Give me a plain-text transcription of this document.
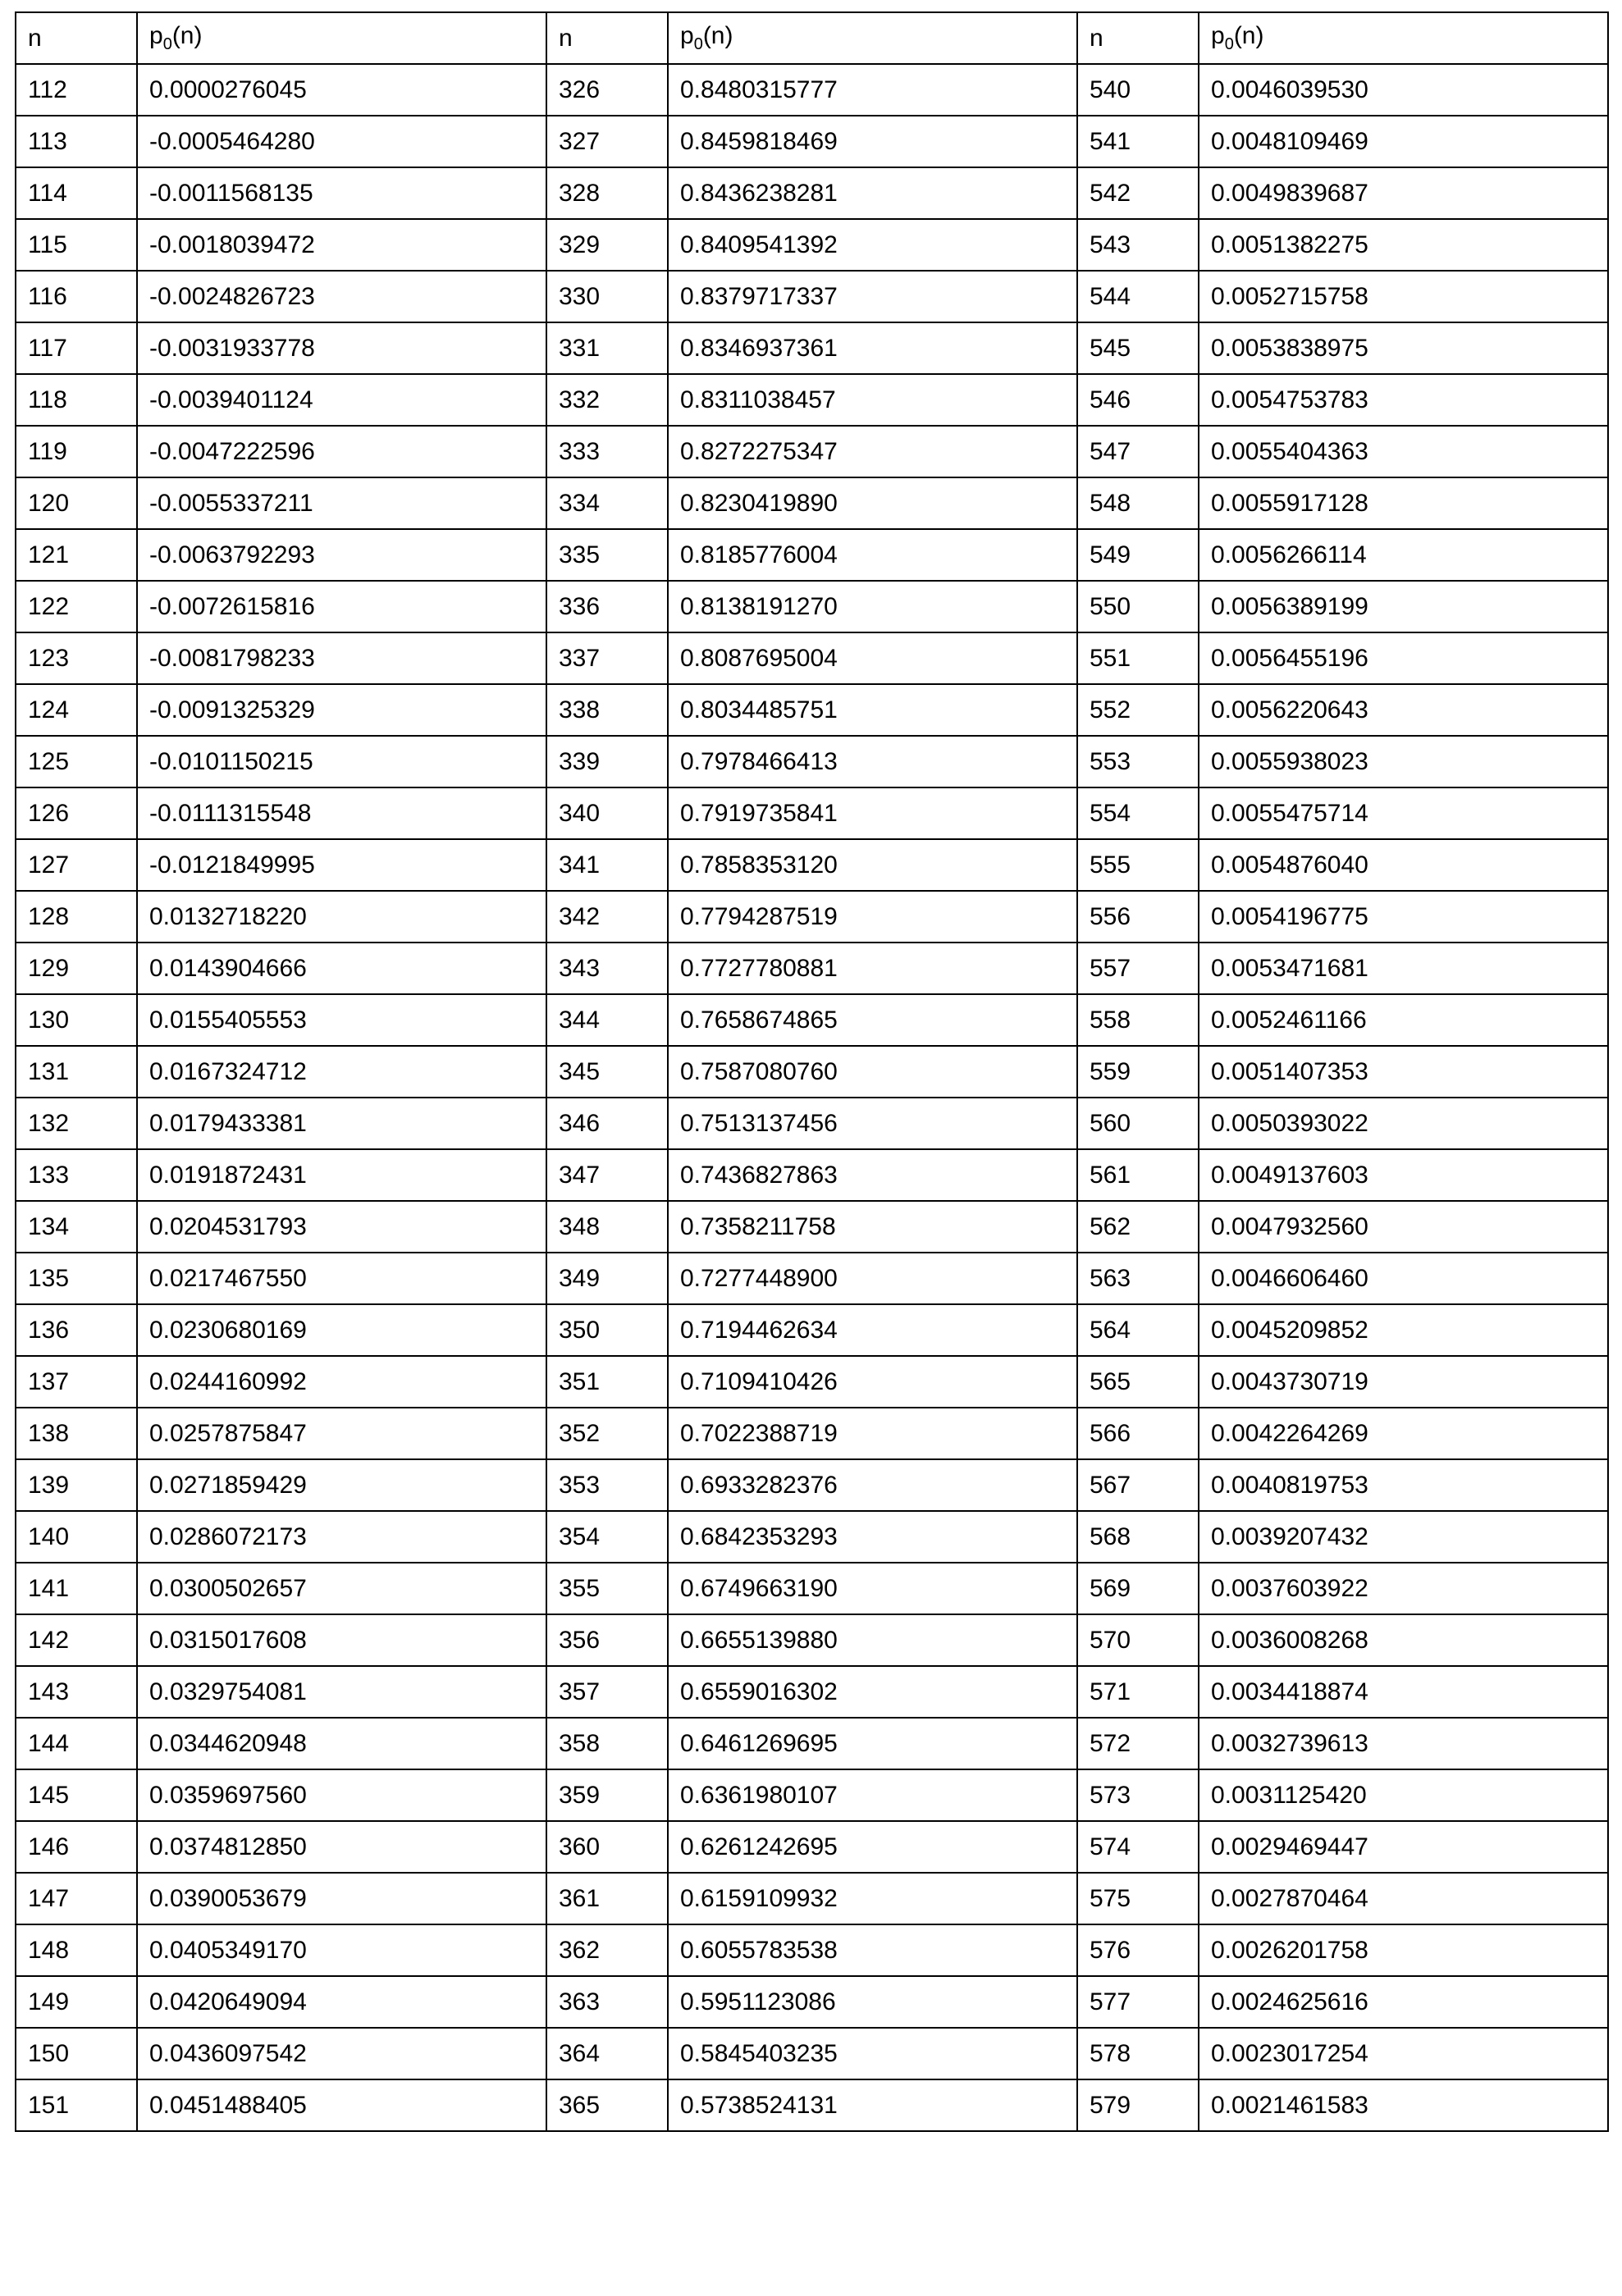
n	$p_0(n)$	n	$p_0(n)$	n	$p_0(n)$
112	0.0000276045	326	0.8480315777	540	0.0046039530
113	-0.0005464280	327	0.8459818469	541	0.0048109469
114	-0.0011568135	328	0.8436238281	542	0.0049839687
115	-0.0018039472	329	0.8409541392	543	0.0051382275
116	-0.0024826723	330	0.8379717337	544	0.0052715758
117	-0.0031933778	331	0.8346937361	545	0.0053838975
118	-0.0039401124	332	0.8311038457	546	0.0054753783
119	-0.0047222596	333	0.8272275347	547	0.0055404363
120	-0.0055337211	334	0.8230419890	548	0.0055917128
121	-0.0063792293	335	0.8185776004	549	0.0056266114
122	-0.0072615816	336	0.8138191270	550	0.0056389199
123	-0.0081798233	337	0.8087695004	551	0.0056455196
124	-0.0091325329	338	0.8034485751	552	0.0056220643
125	-0.0101150215	339	0.7978466413	553	0.0055938023
126	-0.0111315548	340	0.7919735841	554	0.0055475714
127	-0.0121849995	341	0.7858353120	555	0.0054876040
128	0.0132718220	342	0.7794287519	556	0.0054196775
129	0.0143904666	343	0.7727780881	557	0.0053471681
130	0.0155405553	344	0.7658674865	558	0.0052461166
131	0.0167324712	345	0.7587080760	559	0.0051407353
132	0.0179433381	346	0.7513137456	560	0.0050393022
133	0.0191872431	347	0.7436827863	561	0.0049137603
134	0.0204531793	348	0.7358211758	562	0.0047932560
135	0.0217467550	349	0.7277448900	563	0.0046606460
136	0.0230680169	350	0.7194462634	564	0.0045209852
137	0.0244160992	351	0.7109410426	565	0.0043730719
138	0.0257875847	352	0.7022388719	566	0.0042264269
139	0.0271859429	353	0.6933282376	567	0.0040819753
140	0.0286072173	354	0.6842353293	568	0.0039207432
141	0.0300502657	355	0.6749663190	569	0.0037603922
142	0.0315017608	356	0.6655139880	570	0.0036008268
143	0.0329754081	357	0.6559016302	571	0.0034418874
144	0.0344620948	358	0.6461269695	572	0.0032739613
145	0.0359697560	359	0.6361980107	573	0.0031125420
146	0.0374812850	360	0.6261242695	574	0.0029469447
147	0.0390053679	361	0.6159109932	575	0.0027870464
148	0.0405349170	362	0.6055783538	576	0.0026201758
149	0.0420649094	363	0.5951123086	577	0.0024625616
150	0.0436097542	364	0.5845403235	578	0.0023017254
151	0.0451488405	365	0.5738524131	579	0.0021461583
